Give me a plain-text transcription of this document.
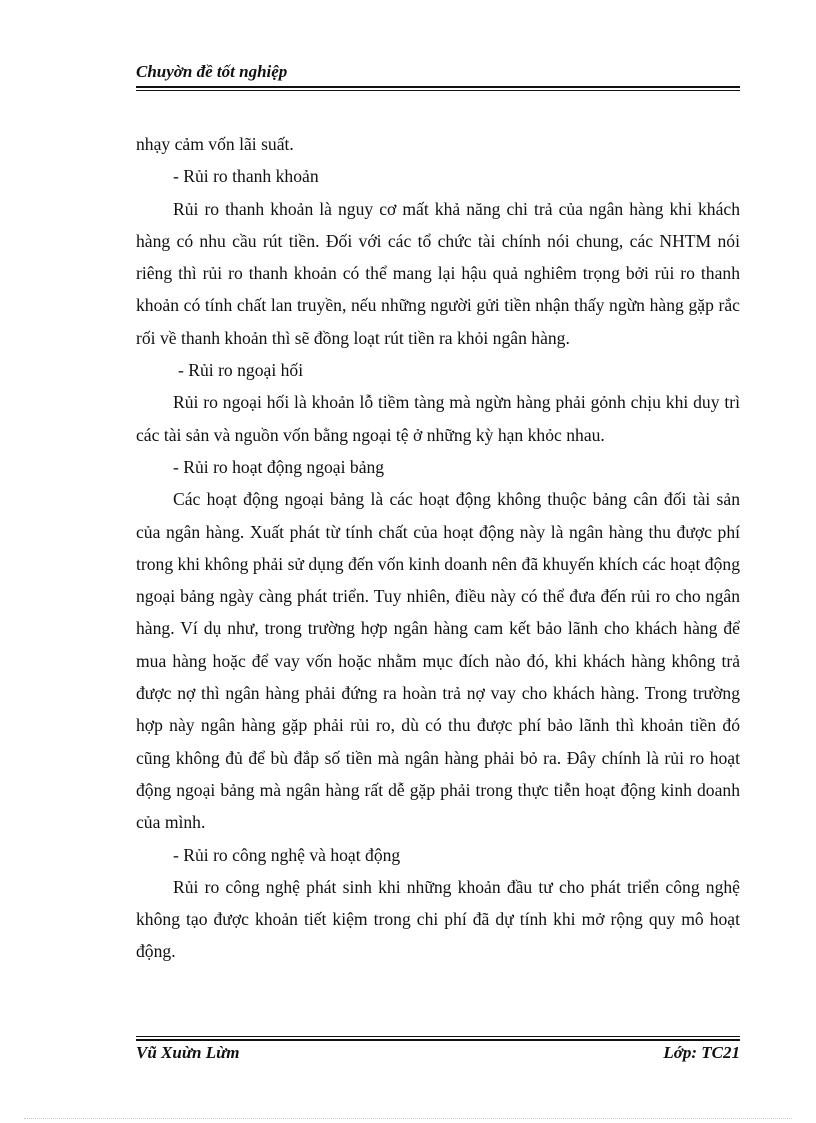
Chuyờn đề tốt nghiệp

nhạy cảm vốn lãi suất.

- Rủi ro thanh khoản

Rủi ro thanh khoản là nguy cơ mất khả năng chi trả của ngân hàng khi khách hàng có nhu cầu rút tiền. Đối với các tổ chức tài chính nói chung, các NHTM nói riêng thì rủi ro thanh khoản có thể mang lại hậu quả nghiêm trọng bởi rủi ro thanh khoản có tính chất lan truyền, nếu những người gửi tiền nhận thấy ngừn hàng gặp rắc rối về thanh khoản thì sẽ đồng loạt rút tiền ra khỏi ngân hàng.

- Rủi ro ngoại hối

Rủi ro ngoại hối là khoản lỗ tiềm tàng mà ngừn hàng phải gỏnh chịu khi duy trì các tài sản và nguồn vốn bằng ngoại tệ ở những kỳ hạn khỏc nhau.

- Rủi ro hoạt động ngoại bảng

Các hoạt động ngoại bảng là các hoạt động không thuộc bảng cân đối tài sản của ngân hàng. Xuất phát từ tính chất của hoạt động này là ngân hàng thu được phí trong khi không phải sử dụng đến vốn kinh doanh nên đã khuyến khích các hoạt động ngoại bảng ngày càng phát triển. Tuy nhiên, điều này có thể đưa đến rủi ro cho ngân hàng. Ví dụ như, trong trường hợp ngân hàng cam kết bảo lãnh cho khách hàng để mua hàng hoặc để vay vốn hoặc nhằm mục đích nào đó, khi khách hàng không trả được nợ thì ngân hàng phải đứng ra hoàn trả nợ vay cho khách hàng. Trong trường hợp này ngân hàng gặp phải rủi ro, dù có thu được phí bảo lãnh thì khoản tiền đó cũng không đủ để bù đắp số tiền mà ngân hàng phải bỏ ra. Đây chính là rủi ro hoạt động ngoại bảng mà ngân hàng rất dễ gặp phải trong thực tiễn hoạt động kinh doanh của mình.

- Rủi ro công nghệ và hoạt động

Rủi ro công nghệ phát sinh khi những khoản đầu tư cho phát triển công nghệ không tạo được khoản tiết kiệm trong chi phí đã dự tính khi mở rộng quy mô hoạt động.

Vũ Xuừn Lừm	Lớp: TC21
